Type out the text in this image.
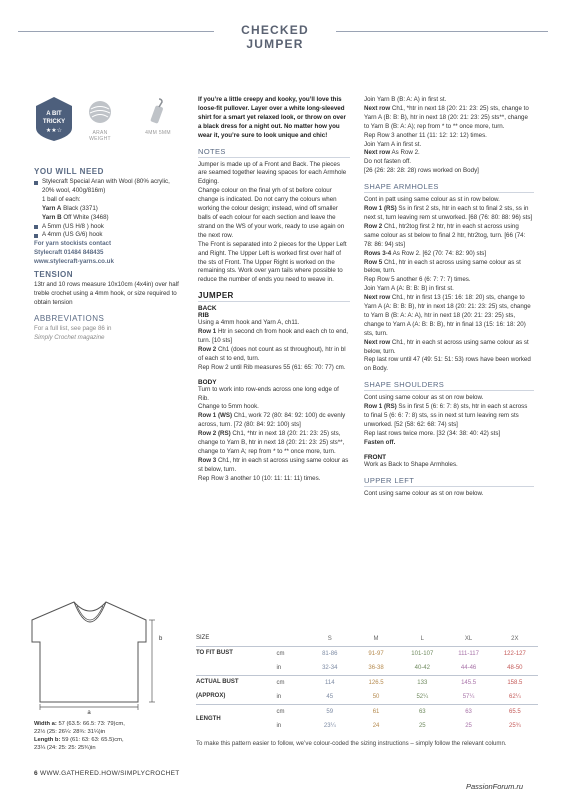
CHECKED JUMPER
A BIT
TRICKY
★★☆	ARAN WEIGHT
4MM 5MM
YOU WILL NEED
Stylecraft Special Aran with Wool (80% acrylic, 20% wool, 400g/816m)
1 ball of each:
Yarn A Black (3371)
Yarn B Off White (3468)
A 5mm (US H/8 ) hook
A 4mm (US G/6) hook
For yarn stockists contact
Stylecraft 01484 848435
www.stylecraft-yarns.co.uk
TENSION
13tr and 10 rows measure 10x10cm (4x4in) over half treble crochet using a 4mm hook, or size required to obtain tension
ABBREVIATIONS
For a full list, see page 86 in
Simply Crochet magazine
a
b
Width a: 57 (63.5: 66.5: 73: 79)cm,
22½ (25: 26¼: 28¾: 31¼)in
Length b: 59 (61: 63: 63: 65.5)cm,
23¼ (24: 25: 25: 25¾)in
If you’re a little creepy and kooky, you’ll love this loose-fit pullover. Layer over a white long-sleeved shirt for a smart yet relaxed look, or throw on over a black dress for a night out. No matter how you wear it, you’re sure to look unique and chic!
NOTES
Jumper is made up of a Front and Back. The pieces are seamed together leaving spaces for each Armhole Edging.
Change colour on the final yrh of st before colour change is indicated. Do not carry the colours when working the colour design; instead, wind off smaller balls of each colour for each section and leave the strand on the WS of your work, ready to use again on the next row.
The Front is separated into 2 pieces for the Upper Left and Right. The Upper Left is worked first over half of the sts of Front. The Upper Right is worked on the remaining sts. Work over yarn tails where possible to reduce the number of ends you need to weave in.
JUMPER
BACK
RIB
Using a 4mm hook and Yarn A, ch11.
Row 1 Htr in second ch from hook and each ch to end, turn. [10 sts]
Row 2 Ch1 (does not count as st throughout), htr in bl of each st to end, turn.
Rep Row 2 until Rib measures 55 (61: 65: 70: 77) cm.
BODY
Turn to work into row-ends across one long edge of Rib.
Change to 5mm hook.
Row 1 (WS) Ch1, work 72 (80: 84: 92: 100) dc evenly across, turn. [72 (80: 84: 92: 100) sts]
Row 2 (RS) Ch1, *htr in next 18 (20: 21: 23: 25) sts, change to Yarn B, htr in next 18 (20: 21: 23: 25) sts**, change to Yarn A; rep from * to ** once more, turn.
Row 3 Ch1, htr in each st across using same colour as st below, turn.
Rep Row 3 another 10 (10: 11: 11: 11) times.
Join Yarn B (B: A: A) in first st.
Next row Ch1, *htr in next 18 (20: 21: 23: 25) sts, change to Yarn A (B: B: B), htr in next 18 (20: 21: 23: 25) sts**, change to Yarn B (B: A: A); rep from * to ** once more, turn.
Rep Row 3 another 11 (11: 12: 12: 12) times.
Join Yarn A in first st.
Next row As Row 2.
Do not fasten off.
[26 (26: 28: 28: 28) rows worked on Body]
SHAPE ARMHOLES
Cont in patt using same colour as st in row below.
Row 1 (RS) Ss in first 2 sts, htr in each st to final 2 sts, ss in next st, turn leaving rem st unworked. [68 (76: 80: 88: 96) sts]
Row 2 Ch1, htr2tog first 2 htr, htr in each st across using same colour as st below to final 2 htr, htr2tog, turn. [66 (74: 78: 86: 94) sts]
Rows 3-4 As Row 2. [62 (70: 74: 82: 90) sts]
Row 5 Ch1, htr in each st across using same colour as st below, turn.
Rep Row 5 another 6 (6: 7: 7: 7) times.
Join Yarn A (A: B: B: B) in first st.
Next row Ch1, htr in first 13 (15: 16: 18: 20) sts, change to Yarn A (A: B: B: B), htr in next 18 (20: 21: 23: 25) sts, change to Yarn B (B: A: A: A), htr in next 18 (20: 21: 23: 25) sts, change to Yarn A (A: B: B: B), htr in final 13 (15: 16: 18: 20) sts, turn.
Next row Ch1, htr in each st across using same colour as st below, turn.
Rep last row until 47 (49: 51: 51: 53) rows have been worked on Body.
SHAPE SHOULDERS
Cont using same colour as st on row below.
Row 1 (RS) Ss in first 5 (6: 6: 7: 8) sts, htr in each st across to final 5 (6: 6: 7: 8) sts, ss in next st turn leaving rem sts unworked. [52 (58: 62: 68: 74) sts]
Rep last rows twice more. [32 (34: 38: 40: 42) sts]
Fasten off.
FRONT
Work as Back to Shape Armholes.
UPPER LEFT
Cont using same colour as st on row below.
SIZE		S	M	L	XL	2X
TO FIT BUST	cm	81-86	91-97	101-107	111-117	122-127
	in	32-34	36-38	40-42	44-46	48-50
ACTUAL BUST	cm	114	126.5	133	145.5	158.5
(APPROX)	in	45	50	52¼	57¼	62¼
	cm	59	61	63	63	65.5
LENGTH	in	23¼	24	25	25	25¾
To make this pattern easier to follow, we’ve colour-coded the sizing instructions – simply follow the relevant column.
6 WWW.GATHERED.HOW/SIMPLYCROCHET
PassionForum.ru
